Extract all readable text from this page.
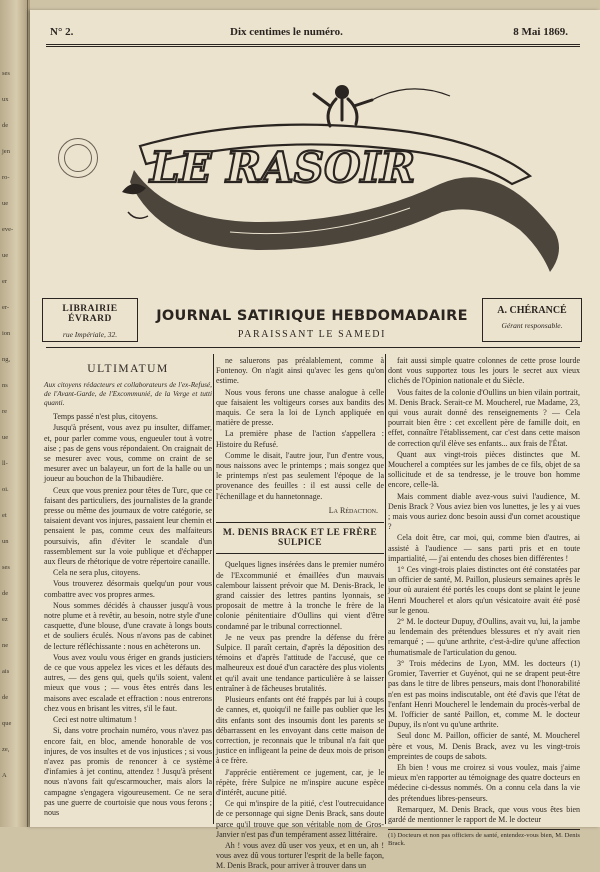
ses
ux
de
jen
ro-
ue
eve-
ue
er
er-
ion
ng,
ns
re
ue
ll-
oi.
et
un
ses
de
ez
ne
ais
de
que
ze,
A
N° 2.	Dix centimes le numéro.	8 Mai 1869.
LE RASOIR
LIBRAIRIE ÉVRARD
rue Impériale, 32.
JOURNAL SATIRIQUE HEBDOMADAIRE
PARAISSANT LE SAMEDI
A. CHÉRANCÉ
Gérant responsable.

ULTIMATUM

Aux citoyens rédacteurs et collaborateurs de l'ex-Refusé, de l'Avant-Garde, de l'Excommunié, de la Verge et tutti quanti.

Temps passé n'est plus, citoyens.

Jusqu'à présent, vous avez pu insulter, diffamer, et, pour parler comme vous, engueuler tout à votre aise ; pas de gens vous répondaient. On craignait de se mesurer avec vous, comme on craint de se mesurer avec un balayeur, un fort de la halle ou un joueur au bouchon de la Thibaudière.

Ceux que vous preniez pour têtes de Turc, que ce faisant des particuliers, des journalistes de la grande presse ou même des journaux de votre catégorie, se taisaient devant vos injures, passaient leur chemin et pensaient le pas, comme ceux des malfaiteurs poursuivis, afin d'éviter le scandale d'un rassemblement sur la voie publique et d'échapper aux fleurs de rhétorique de votre répertoire canaille.

Cela ne sera plus, citoyens.

Vous trouverez désormais quelqu'un pour vous combattre avec vos propres armes.

Nous sommes décidés à chausser jusqu'à vous notre plume et à revêtir, au besoin, notre style d'une casquette, d'une blouse, d'une cravate à longs bouts et de souliers éculés. Nous n'avons pas de cabinet de lecture réfléchissante : nous en achèterons un.

Vous avez voulu vous ériger en grands justiciers de ce que vous appelez les vices et les défauts des autres, — des gens qui, quels qu'ils soient, valent mieux que vous ; — vous êtes entrés dans les maisons avec escalade et effraction : nous entrerons chez vous en brisant les vitres, s'il le faut.

Ceci est notre ultimatum !

Si, dans votre prochain numéro, vous n'avez pas encore fait, en bloc, amende honorable de vos injures, de vos insultes et de vos injustices ; si vous n'avez pas promis de renoncer à ce système d'infamies à jet continu, attendez ! Jusqu'à présent nous n'avons fait qu'escarmoucher, mais alors la campagne s'engagera vigoureusement. Ce ne sera pas une guerre de courtoisie que nous vous ferons ; nous

ne saluerons pas préalablement, comme à Fontenoy. On n'agit ainsi qu'avec les gens qu'on estime.

Nous vous ferons une chasse analogue à celle que faisaient les voltigeurs corses aux bandits des maquis. Ce sera la loi de Lynch appliquée en matière de presse.

La première phase de l'action s'appellera : Histoire du Refusé.

Comme le disait, l'autre jour, l'un d'entre vous, nous naissons avec le printemps ; mais songez que le printemps n'est pas seulement l'époque de la provenance des feuilles : il est aussi celle de l'échenillage et du hannetonnage.

La Rédaction.

M. DENIS BRACK ET LE FRÈRE SULPICE

Quelques lignes insérées dans le premier numéro de l'Excommunié et émaillées d'un mauvais calembour laissent prévoir que M. Denis-Brack, le grand caissier des lettres pantins lyonnais, se proposait de mettre à la tronche le frère de la colonie pénitentiaire d'Oullins qui vient d'être condamné par le tribunal correctionnel.

Je ne veux pas prendre la défense du frère Sulpice. Il paraît certain, d'après la déposition des témoins et d'après l'attitude de l'accusé, que ce malheureux est doué d'un caractère des plus violents et qu'il avait une tendance particulière à se laisser entraîner à de fâcheuses brutalités.

Plusieurs enfants ont été frappés par lui à coups de cannes, et, quoiqu'il ne faille pas oublier que les dits enfants sont des insoumis dont les parents se débarrassent en les envoyant dans cette maison de correction, je reconnais que le tribunal n'a fait que justice en infligeant la peine de deux mois de prison à ce frère.

J'apprécie entièrement ce jugement, car, je le répète, frère Sulpice ne m'inspire aucune espèce d'intérêt, aucune pitié.

Ce qui m'inspire de la pitié, c'est l'outrecuidance de ce personnage qui signe Denis Brack, sans doute parce qu'il trouve que son véritable nom de Gros-Janvier n'est pas d'un tempérament assez littéraire.

Ah ! vous avez dû user vos yeux, et en un, ah ! vous avez dû vous torturer l'esprit de la belle façon, M. Denis Brack, pour arriver à trouver dans un

fait aussi simple quatre colonnes de cette prose lourde dont vous supportez tous les jours le secret aux vieux clichés de l'Opinion nationale et du Siècle.

Vous faites de la colonie d'Oullins un bien vilain portrait, M. Denis Brack. Serait-ce M. Moucherel, rue Madame, 23, qui vous aurait donné des renseignements ? — Cela pourrait bien être : cet excellent père de famille doit, en effet, connaître l'établissement, car c'est dans cette maison de correction qu'il élève ses enfants... aux frais de l'État.

Quant aux vingt-trois pièces distinctes que M. Moucherel a comptées sur les jambes de ce fils, objet de sa sollicitude et de sa tendresse, je le trouve bon homme encore, celle-là.

Mais comment diable avez-vous suivi l'audience, M. Denis Brack ? Vous aviez bien vos lunettes, je les y ai vues ; mais vous auriez donc besoin aussi d'un cornet acoustique ?

Cela doit être, car moi, qui, comme bien d'autres, ai assisté à l'audience — sans parti pris et en toute impartialité, — j'ai entendu des choses bien différentes !

1° Ces vingt-trois plaies distinctes ont été constatées par un officier de santé, M. Paillon, plusieurs semaines après le jour où auraient été portés les coups dont se plaint le jeune Henri Moucherel et alors qu'un vésicatoire avait été posé sur le genou.

2° M. le docteur Dupuy, d'Oullins, avait vu, lui, la jambe au lendemain des prétendues blessures et n'y avait rien remarqué ; — qu'une arthrite, c'est-à-dire qu'une affection rhumatismale de l'articulation du genou.

3° Trois médecins de Lyon, MM. les docteurs (1) Gromier, Taverrier et Guyénot, qui ne se drapent peut-être pas dans le titre de libres penseurs, mais dont l'honorabilité n'en est pas moins indiscutable, ont été d'avis que l'état de l'enfant Henri Moucherel le lendemain du procès-verbal de M. l'officier de santé Paillon, et, comme M. le docteur Dupuy, ils n'ont vu qu'une arthrite.

Seul donc M. Paillon, officier de santé, M. Moucherel père et vous, M. Denis Brack, avez vu les vingt-trois empreintes de coups de sabots.

Eh bien ! vous me croirez si vous voulez, mais j'aime mieux m'en rapporter au témoignage des quatre docteurs en médecine ci-dessus nommés. On a connu cela dans la vie des prétendues libres-penseurs.

Remarquez, M. Denis Brack, que vous vous êtes bien gardé de mentionner le rapport de M. le docteur

(1) Docteurs et non pas officiers de santé, entendez-vous bien, M. Denis Brack.
